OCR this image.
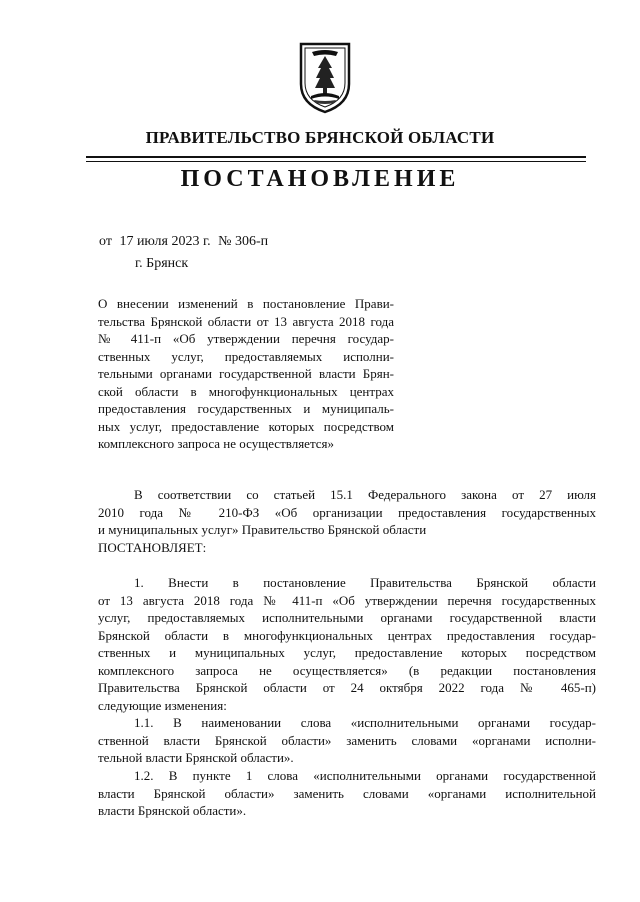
ПРАВИТЕЛЬСТВО БРЯНСКОЙ ОБЛАСТИ
ПОСТАНОВЛЕНИЕ
от 17 июля 2023 г. № 306-п
г. Брянск
О внесении изменений в постановление Прави-
тельства Брянской области от 13 августа 2018 года
№ 411-п «Об утверждении перечня государ-
ственных услуг, предоставляемых исполни-
тельными органами государственной власти Брян-
ской области в многофункциональных центрах
предоставления государственных и муниципаль-
ных услуг, предоставление которых посредством
комплексного запроса не осуществляется»
В соответствии со статьей 15.1 Федерального закона от 27 июля
2010 года № 210-ФЗ «Об организации предоставления государственных
и муниципальных услуг» Правительство Брянской области
ПОСТАНОВЛЯЕТ:
1. Внести в постановление Правительства Брянской области
от 13 августа 2018 года № 411-п «Об утверждении перечня государственных
услуг, предоставляемых исполнительными органами государственной власти
Брянской области в многофункциональных центрах предоставления государ-
ственных и муниципальных услуг, предоставление которых посредством
комплексного запроса не осуществляется» (в редакции постановления
Правительства Брянской области от 24 октября 2022 года № 465-п)
следующие изменения:
1.1. В наименовании слова «исполнительными органами государ-
ственной власти Брянской области» заменить словами «органами исполни-
тельной власти Брянской области».
1.2. В пункте 1 слова «исполнительными органами государственной
власти Брянской области» заменить словами «органами исполнительной
власти Брянской области».
